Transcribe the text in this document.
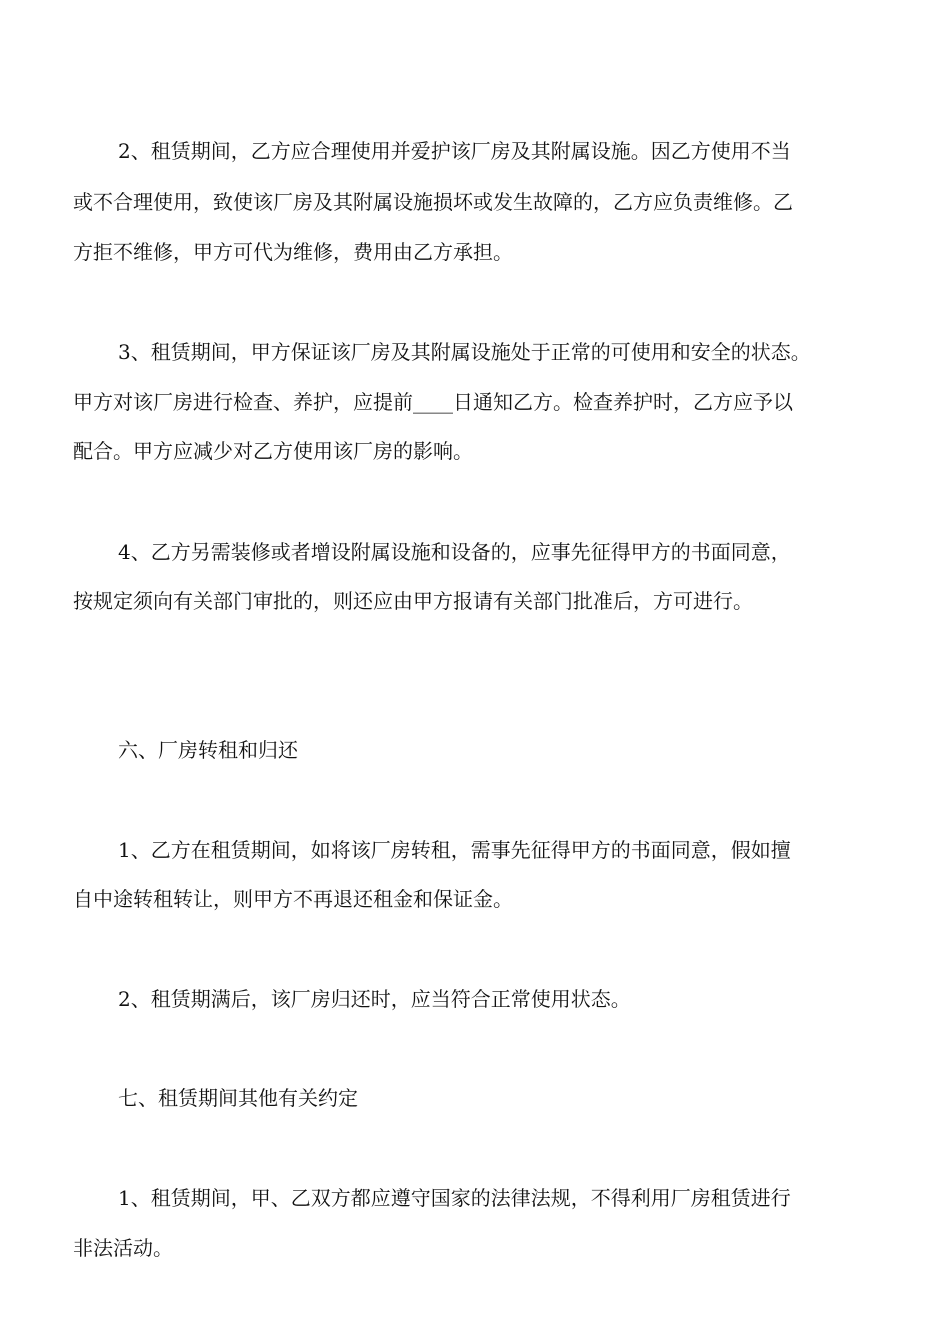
2、租赁期间，乙方应合理使用并爱护该厂房及其附属设施。因乙方使用不当
或不合理使用，致使该厂房及其附属设施损坏或发生故障的，乙方应负责维修。乙
方拒不维修，甲方可代为维修，费用由乙方承担。
3、租赁期间，甲方保证该厂房及其附属设施处于正常的可使用和安全的状态。
甲方对该厂房进行检查、养护，应提前____日通知乙方。检查养护时，乙方应予以
配合。甲方应减少对乙方使用该厂房的影响。
4、乙方另需装修或者增设附属设施和设备的，应事先征得甲方的书面同意，
按规定须向有关部门审批的，则还应由甲方报请有关部门批准后，方可进行。
六、厂房转租和归还
1、乙方在租赁期间，如将该厂房转租，需事先征得甲方的书面同意，假如擅
自中途转租转让，则甲方不再退还租金和保证金。
2、租赁期满后，该厂房归还时，应当符合正常使用状态。
七、租赁期间其他有关约定
1、租赁期间，甲、乙双方都应遵守国家的法律法规，不得利用厂房租赁进行
非法活动。
